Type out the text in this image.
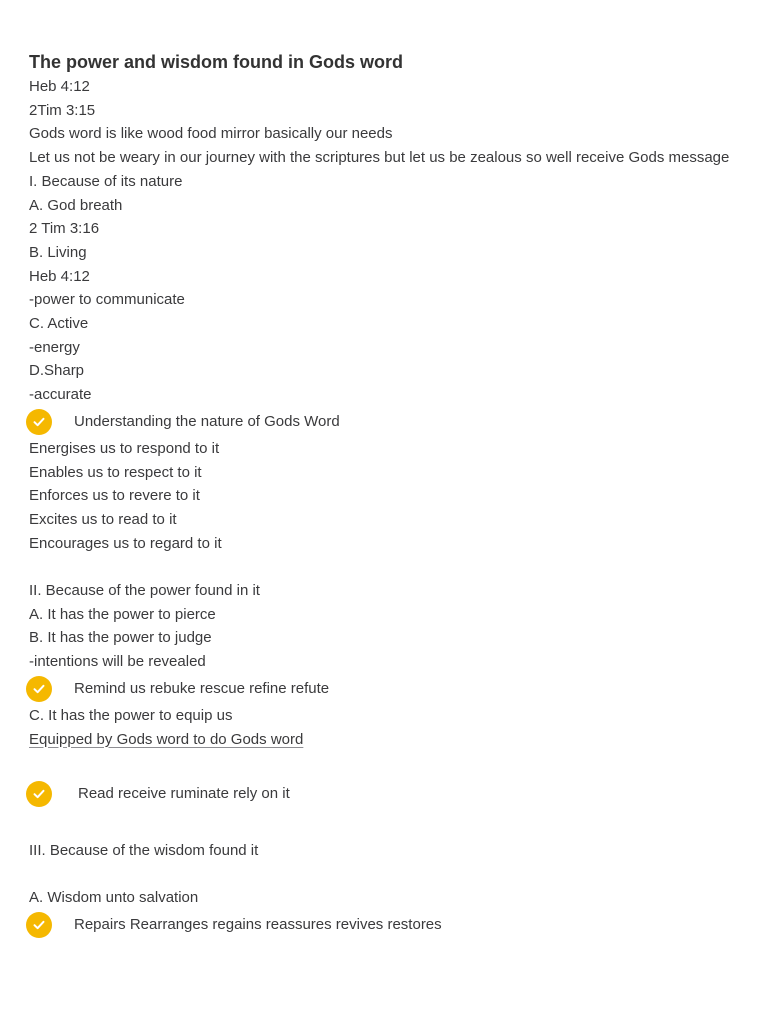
The power and wisdom found in Gods word
Heb 4:12
2Tim 3:15
Gods word is like wood food mirror basically our needs
Let us not be weary in our journey with the scriptures but let us be zealous so well receive Gods message
I. Because of its nature
A. God breath
2 Tim 3:16
B. Living
Heb 4:12
-power to communicate
C. Active
-energy
D.Sharp
-accurate
Understanding the nature of Gods Word
Energises us to respond to it
Enables us to respect to it
Enforces us to revere to it
Excites us to read to it
Encourages us to regard to it
II. Because of the power found in it
A. It has the power to pierce
B. It has the power to judge
-intentions will be revealed
Remind us rebuke rescue refine refute
C. It has the power to equip us
Equipped by Gods word to do Gods word
Read receive ruminate rely on it
III. Because of the wisdom found it
A. Wisdom unto salvation
Repairs Rearranges regains reassures revives restores
